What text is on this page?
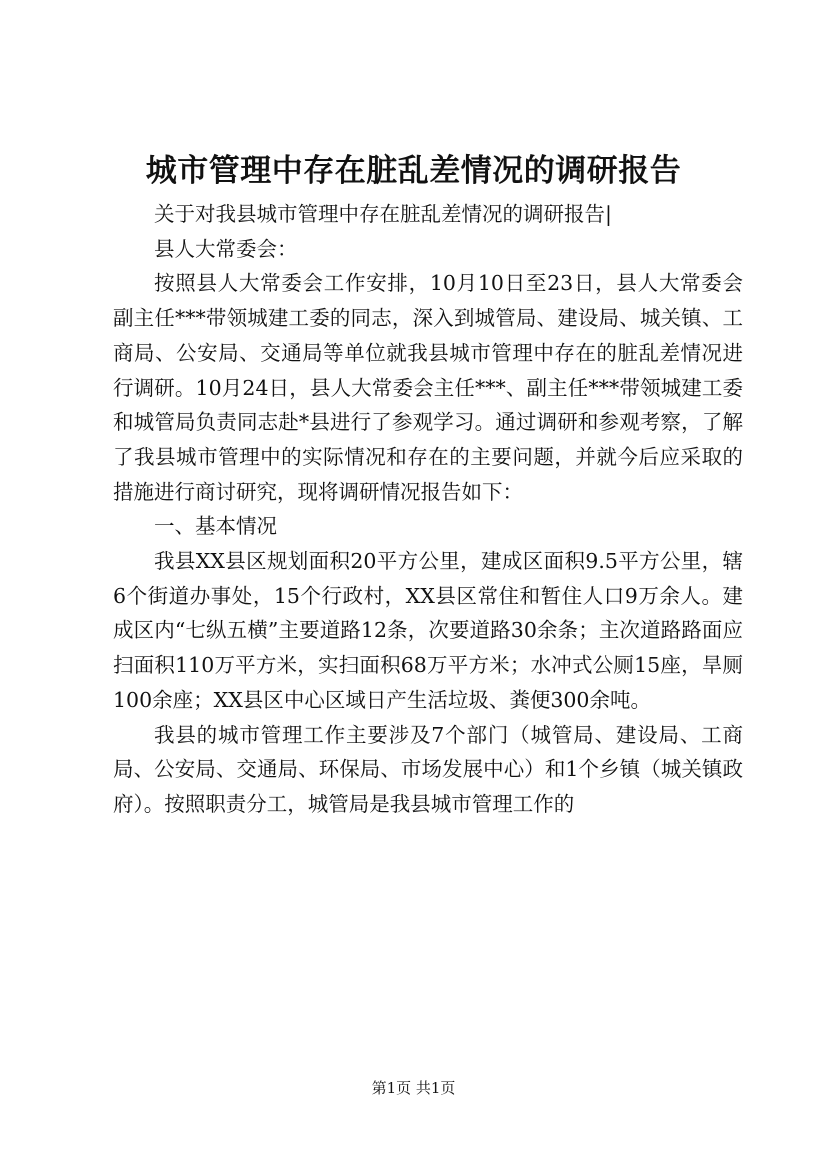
城市管理中存在脏乱差情况的调研报告

关于对我县城市管理中存在脏乱差情况的调研报告|

县人大常委会：

按照县人大常委会工作安排，10月10日至23日，县人大常委会副主任***带领城建工委的同志，深入到城管局、建设局、城关镇、工商局、公安局、交通局等单位就我县城市管理中存在的脏乱差情况进行调研。10月24日，县人大常委会主任***、副主任***带领城建工委和城管局负责同志赴*县进行了参观学习。通过调研和参观考察，了解了我县城市管理中的实际情况和存在的主要问题，并就今后应采取的措施进行商讨研究，现将调研情况报告如下：

一、基本情况

我县XX县区规划面积20平方公里，建成区面积9.5平方公里，辖6个街道办事处，15个行政村，XX县区常住和暂住人口9万余人。建成区内“七纵五横”主要道路12条，次要道路30余条；主次道路路面应扫面积110万平方米，实扫面积68万平方米；水冲式公厕15座，旱厕100余座；XX县区中心区域日产生活垃圾、粪便300余吨。

我县的城市管理工作主要涉及7个部门（城管局、建设局、工商局、公安局、交通局、环保局、市场发展中心）和1个乡镇（城关镇政府）。按照职责分工，城管局是我县城市管理工作的

第1页 共1页
